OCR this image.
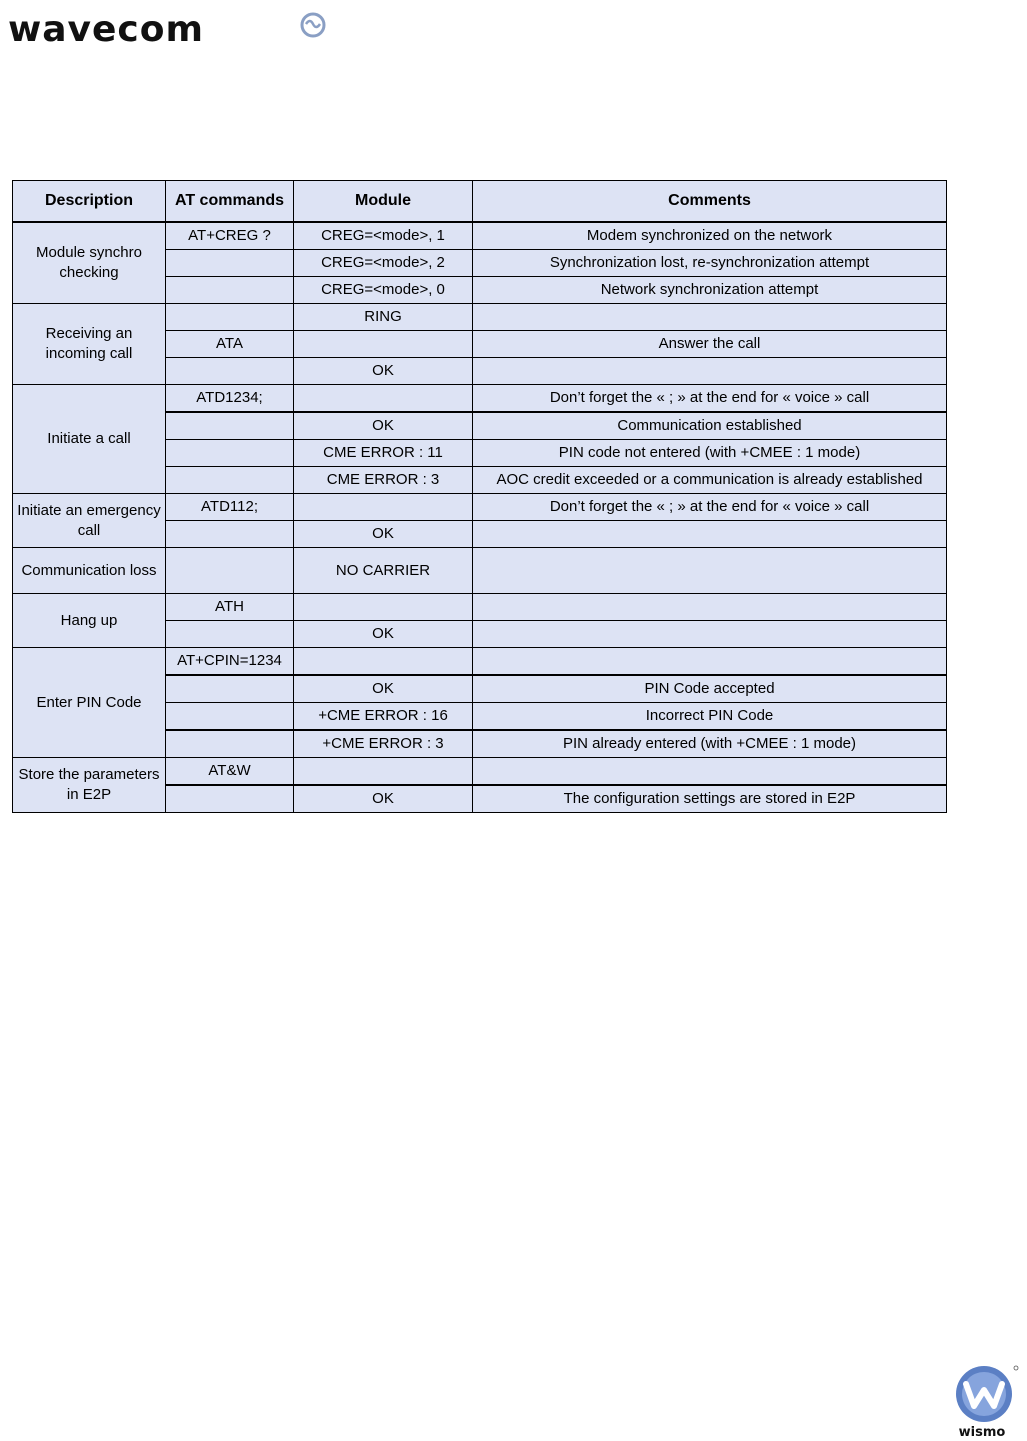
wavecom
Description	AT commands	Module	Comments
Module synchro checking	AT+CREG ?	CREG=<mode>, 1	Modem synchronized on the network
		CREG=<mode>, 2	Synchronization lost, re-synchronization attempt
		CREG=<mode>, 0	Network synchronization attempt
Receiving an incoming call		RING	
	ATA		Answer the call
		OK	
Initiate a call	ATD1234;		Don’t forget the « ; » at the end for « voice » call
		OK	Communication established
		CME ERROR : 11	PIN code not entered (with +CMEE : 1 mode)
		CME ERROR : 3	AOC credit exceeded or a communication is already established
Initiate an emergency call	ATD112;		Don’t forget the « ; » at the end for « voice » call
		OK	
Communication loss		NO CARRIER	
Hang up	ATH		
		OK	
Enter PIN Code	AT+CPIN=1234		
		OK	PIN Code accepted
		+CME ERROR : 16	Incorrect PIN Code
		+CME ERROR : 3	PIN already entered (with +CMEE : 1 mode)
Store the parameters in E2P	AT&W		
		OK	The configuration settings are stored in E2P
wismo
